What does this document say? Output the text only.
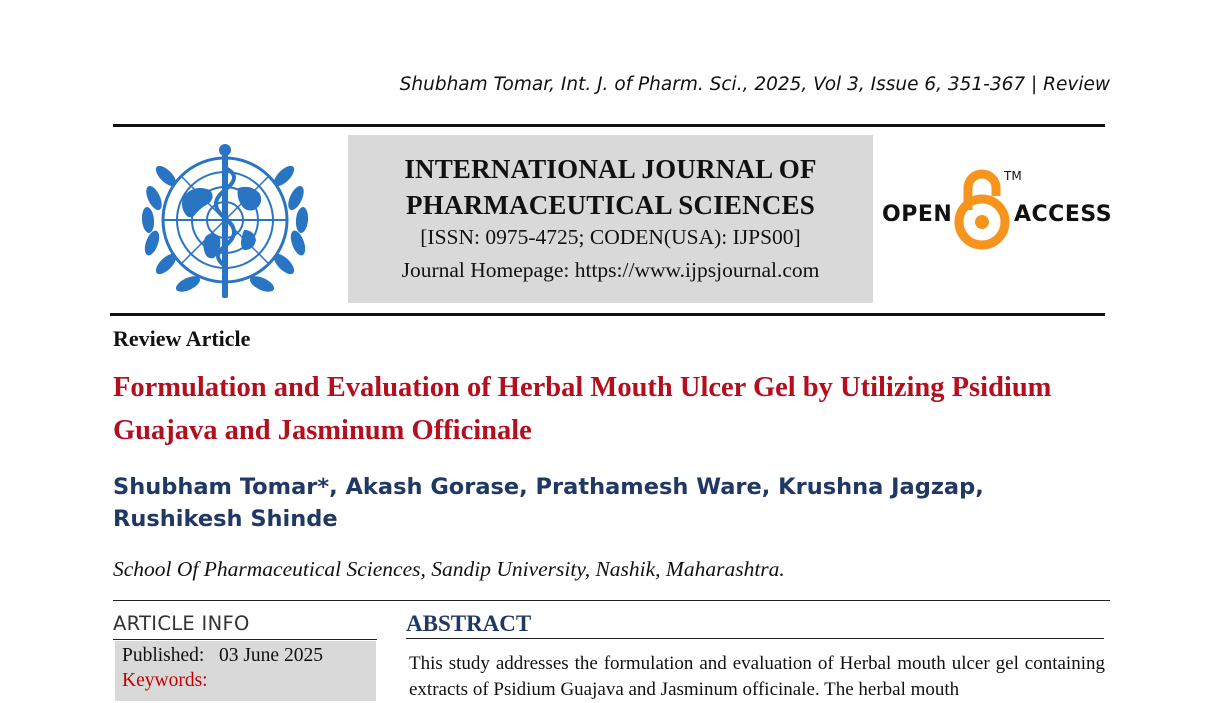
Shubham Tomar, Int. J. of Pharm. Sci., 2025, Vol 3, Issue 6, 351-367 | Review
INTERNATIONAL JOURNAL OF
PHARMACEUTICAL SCIENCES
[ISSN: 0975-4725; CODEN(USA): IJPS00]
Journal Homepage: https://www.ijpsjournal.com
OPEN
TM
ACCESS
Review Article
Formulation and Evaluation of Herbal Mouth Ulcer Gel by Utilizing Psidium Guajava and Jasminum Officinale
Shubham Tomar*, Akash Gorase, Prathamesh Ware, Krushna Jagzap, Rushikesh Shinde
School Of Pharmaceutical Sciences, Sandip University, Nashik, Maharashtra.
ARTICLE INFO
Published:   03 June 2025
Keywords:
ABSTRACT
This study addresses the formulation and evaluation of Herbal mouth ulcer gel containing extracts of Psidium Guajava and Jasminum officinale. The herbal mouth
